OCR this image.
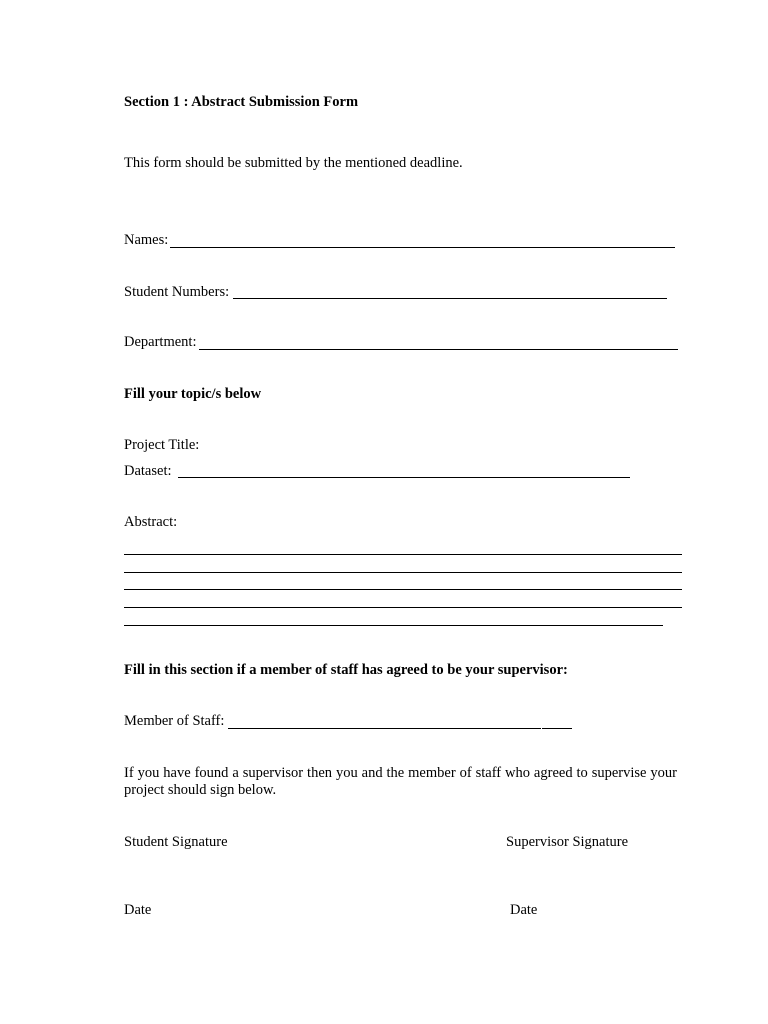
Section 1 : Abstract Submission Form
This form should be submitted by the mentioned deadline.
Names:
Student Numbers:
Department:
Fill your topic/s below
Project Title:
Dataset:
Abstract:
Fill in this section if a member of staff has agreed to be your supervisor:
Member of Staff:
If you have found a supervisor then you and the member of staff who agreed to supervise your project should sign below.
Student Signature	Supervisor Signature
Date	Date
